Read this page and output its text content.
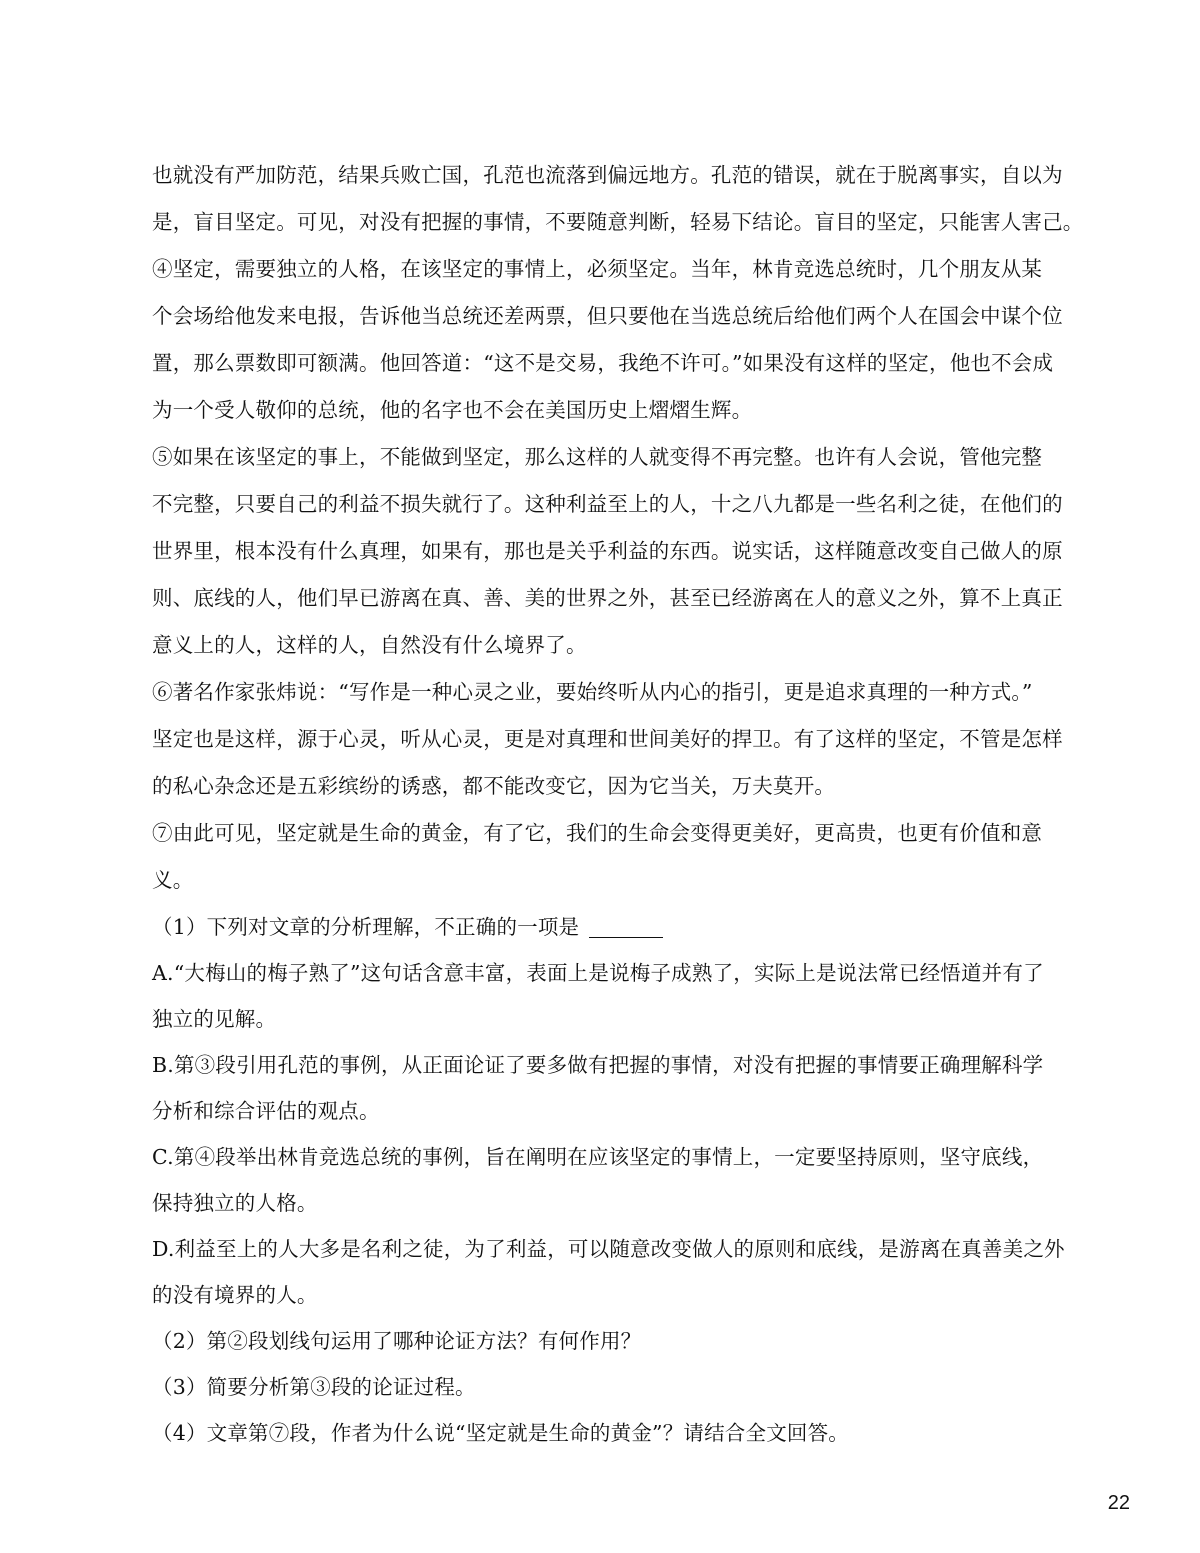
也就没有严加防范，结果兵败亡国，孔范也流落到偏远地方。孔范的错误，就在于脱离事实，自以为
是，盲目坚定。可见，对没有把握的事情，不要随意判断，轻易下结论。盲目的坚定，只能害人害己。
④坚定，需要独立的人格，在该坚定的事情上，必须坚定。当年，林肯竞选总统时，几个朋友从某
个会场给他发来电报，告诉他当总统还差两票，但只要他在当选总统后给他们两个人在国会中谋个位
置，那么票数即可额满。他回答道：“这不是交易，我绝不许可。”如果没有这样的坚定，他也不会成
为一个受人敬仰的总统，他的名字也不会在美国历史上熠熠生辉。
⑤如果在该坚定的事上，不能做到坚定，那么这样的人就变得不再完整。也许有人会说，管他完整
不完整，只要自己的利益不损失就行了。这种利益至上的人，十之八九都是一些名利之徒，在他们的
世界里，根本没有什么真理，如果有，那也是关乎利益的东西。说实话，这样随意改变自己做人的原
则、底线的人，他们早已游离在真、善、美的世界之外，甚至已经游离在人的意义之外，算不上真正
意义上的人，这样的人，自然没有什么境界了。
⑥著名作家张炜说：“写作是一种心灵之业，要始终听从内心的指引，更是追求真理的一种方式。”
坚定也是这样，源于心灵，听从心灵，更是对真理和世间美好的捍卫。有了这样的坚定，不管是怎样
的私心杂念还是五彩缤纷的诱惑，都不能改变它，因为它当关，万夫莫开。
⑦由此可见，坚定就是生命的黄金，有了它，我们的生命会变得更美好，更高贵，也更有价值和意
义。
（1）下列对文章的分析理解，不正确的一项是
A.“大梅山的梅子熟了”这句话含意丰富，表面上是说梅子成熟了，实际上是说法常已经悟道并有了
独立的见解。
B.第③段引用孔范的事例，从正面论证了要多做有把握的事情，对没有把握的事情要正确理解科学
分析和综合评估的观点。
C.第④段举出林肯竞选总统的事例，旨在阐明在应该坚定的事情上，一定要坚持原则，坚守底线，
保持独立的人格。
D.利益至上的人大多是名利之徒，为了利益，可以随意改变做人的原则和底线，是游离在真善美之外
的没有境界的人。
（2）第②段划线句运用了哪种论证方法？有何作用？
（3）简要分析第③段的论证过程。
（4）文章第⑦段，作者为什么说“坚定就是生命的黄金”？请结合全文回答。
22
